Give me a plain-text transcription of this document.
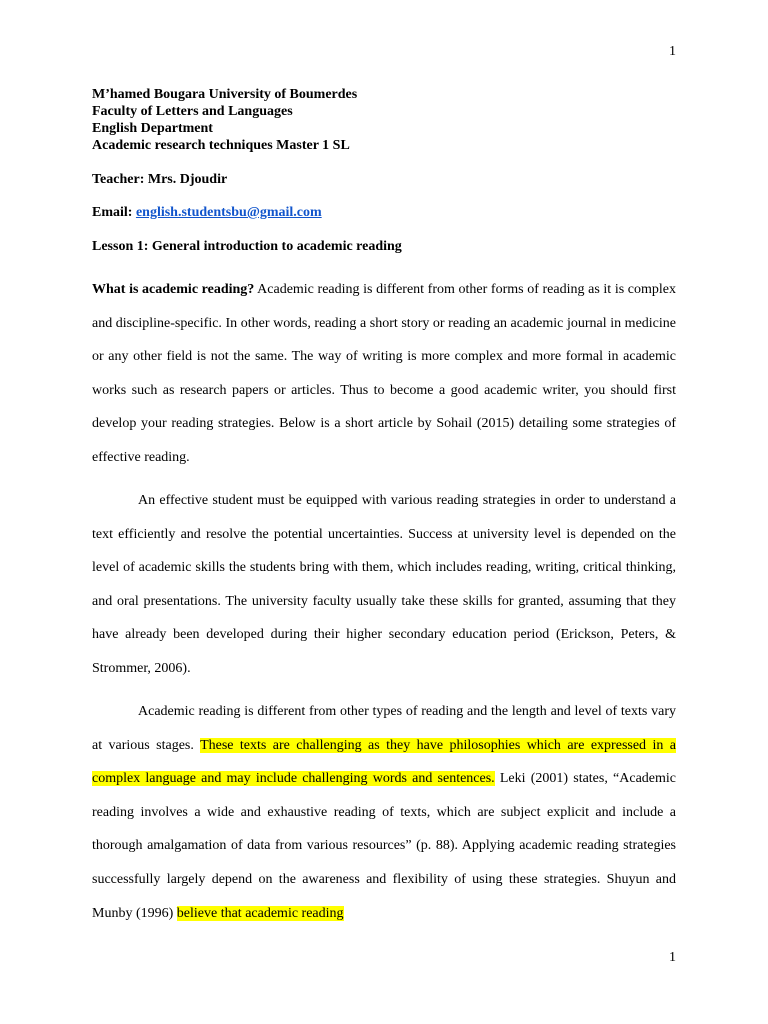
1
M’hamed Bougara University of Boumerdes
Faculty of Letters and Languages
English Department
Academic research techniques Master 1 SL
Teacher: Mrs. Djoudir
Email: english.studentsbu@gmail.com
Lesson 1: General introduction to academic reading

What is academic reading? Academic reading is different from other forms of reading as it is complex and discipline-specific. In other words, reading a short story or reading an academic journal in medicine or any other field is not the same. The way of writing is more complex and more formal in academic works such as research papers or articles. Thus to become a good academic writer, you should first develop your reading strategies. Below is a short article by Sohail (2015) detailing some strategies of effective reading.

An effective student must be equipped with various reading strategies in order to understand a text efficiently and resolve the potential uncertainties. Success at university level is depended on the level of academic skills the students bring with them, which includes reading, writing, critical thinking, and oral presentations. The university faculty usually take these skills for granted, assuming that they have already been developed during their higher secondary education period (Erickson, Peters, & Strommer, 2006).

Academic reading is different from other types of reading and the length and level of texts vary at various stages. These texts are challenging as they have philosophies which are expressed in a complex language and may include challenging words and sentences. Leki (2001) states, “Academic reading involves a wide and exhaustive reading of texts, which are subject explicit and include a thorough amalgamation of data from various resources” (p. 88). Applying academic reading strategies successfully largely depend on the awareness and flexibility of using these strategies. Shuyun and Munby (1996) believe that academic reading

1
